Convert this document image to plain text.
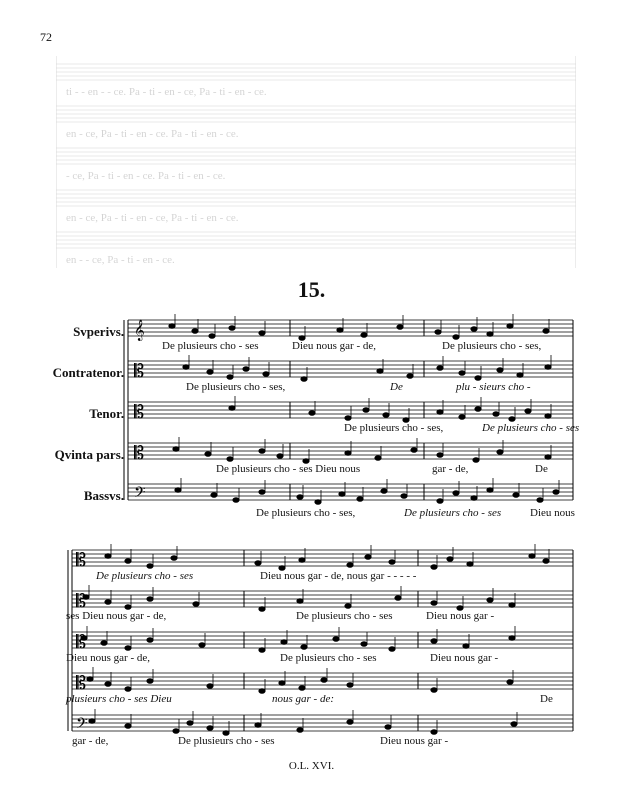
72
ti - - en - - ce. Pa - ti - en - ce, Pa - ti - en - ce.
en - ce, Pa - ti - en - ce. Pa - ti - en - ce.
- ce, Pa - ti - en - ce. Pa - ti - en - ce.
en - ce, Pa - ti - en - ce, Pa - ti - en - ce.
en - - ce, Pa - ti - en - ce.
15.
Svperivs.
Contratenor.
Tenor.
Qvinta pars.
Bassvs.
𝄞
𝄡
𝄡
𝄡
𝄢
𝄡
𝄡
𝄡
𝄡
𝄢
De plusieurs cho - ses	Dieu nous gar - de,	De plusieurs cho - ses,
De plusieurs cho - ses,	De	plu - sieurs cho -
De plusieurs cho - ses,	De plusieurs cho - ses
De plusieurs cho - ses Dieu nous	gar - de,	De
De plusieurs cho - ses,	De plusieurs cho - ses	Dieu nous
De plusieurs cho - ses	Dieu nous gar - de, nous gar - - - - -
ses Dieu nous gar - de,	De plusieurs cho - ses	Dieu nous gar -
Dieu nous gar - de,	De plusieurs cho - ses	Dieu nous gar -
plusieurs cho - ses Dieu	nous gar - de:	De
gar - de,	De plusieurs cho - ses	Dieu nous gar -
O.L. XVI.
